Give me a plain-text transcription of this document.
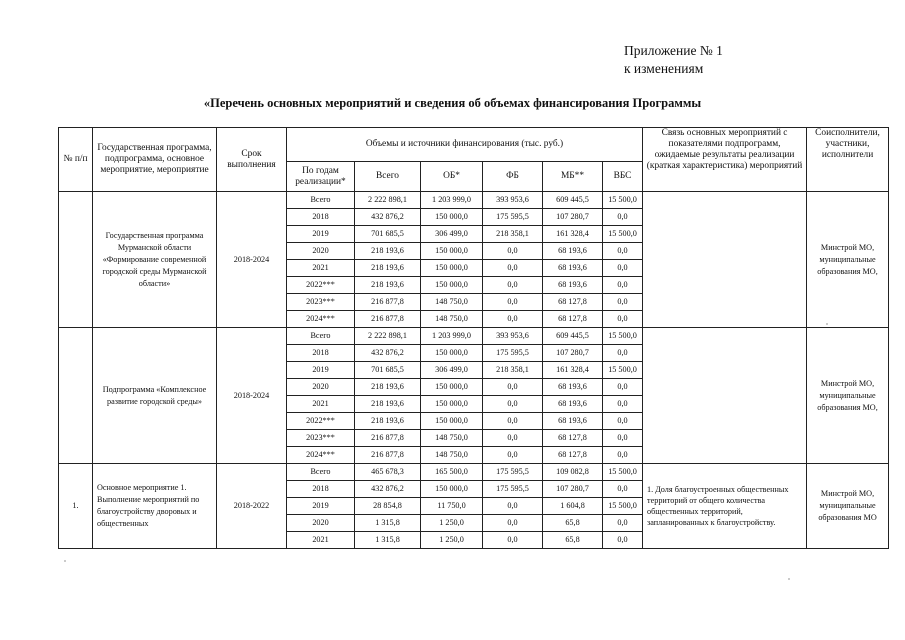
Приложение № 1
к изменениям
«Перечень основных мероприятий и сведения об объемах финансирования Программы
№ п/п	Государственная программа, подпрограмма, основное мероприятие, мероприятие	Срок выполнения	Объемы и источники финансирования (тыс. руб.)						Связь основных мероприятий с показателями подпрограмм, ожидаемые результаты реализации (краткая характеристика) мероприятий	Соисполнители, участники, исполнители
			По годам реализации*	Всего	ОБ*	ФБ	МБ**	ВБС		
	Государственная программа Мурманской области «Формирование современной городской среды Мурманской области»	2018-2024	Всего	2 222 898,1	1 203 999,0	393 953,6	609 445,5	15 500,0		Минстрой МО, муниципальные образования МО,
			2018	432 876,2	150 000,0	175 595,5	107 280,7	0,0		
			2019	701 685,5	306 499,0	218 358,1	161 328,4	15 500,0		
			2020	218 193,6	150 000,0	0,0	68 193,6	0,0		
			2021	218 193,6	150 000,0	0,0	68 193,6	0,0		
			2022***	218 193,6	150 000,0	0,0	68 193,6	0,0		
			2023***	216 877,8	148 750,0	0,0	68 127,8	0,0		
			2024***	216 877,8	148 750,0	0,0	68 127,8	0,0		
	Подпрограмма «Комплексное развитие городской среды»	2018-2024	Всего	2 222 898,1	1 203 999,0	393 953,6	609 445,5	15 500,0		Минстрой МО, муниципальные образования МО,
			2018	432 876,2	150 000,0	175 595,5	107 280,7	0,0		
			2019	701 685,5	306 499,0	218 358,1	161 328,4	15 500,0		
			2020	218 193,6	150 000,0	0,0	68 193,6	0,0		
			2021	218 193,6	150 000,0	0,0	68 193,6	0,0		
			2022***	218 193,6	150 000,0	0,0	68 193,6	0,0		
			2023***	216 877,8	148 750,0	0,0	68 127,8	0,0		
			2024***	216 877,8	148 750,0	0,0	68 127,8	0,0		
1.	Основное мероприятие 1. Выполнение мероприятий по благоустройству дворовых и общественных	2018-2022	Всего	465 678,3	165 500,0	175 595,5	109 082,8	15 500,0	1. Доля благоустроенных общественных территорий от общего количества общественных территорий, запланированных к благоустройству.	Минстрой МО, муниципальные образования МО
			2018	432 876,2	150 000,0	175 595,5	107 280,7	0,0		
			2019	28 854,8	11 750,0	0,0	1 604,8	15 500,0		
			2020	1 315,8	1 250,0	0,0	65,8	0,0		
			2021	1 315,8	1 250,0	0,0	65,8	0,0		
